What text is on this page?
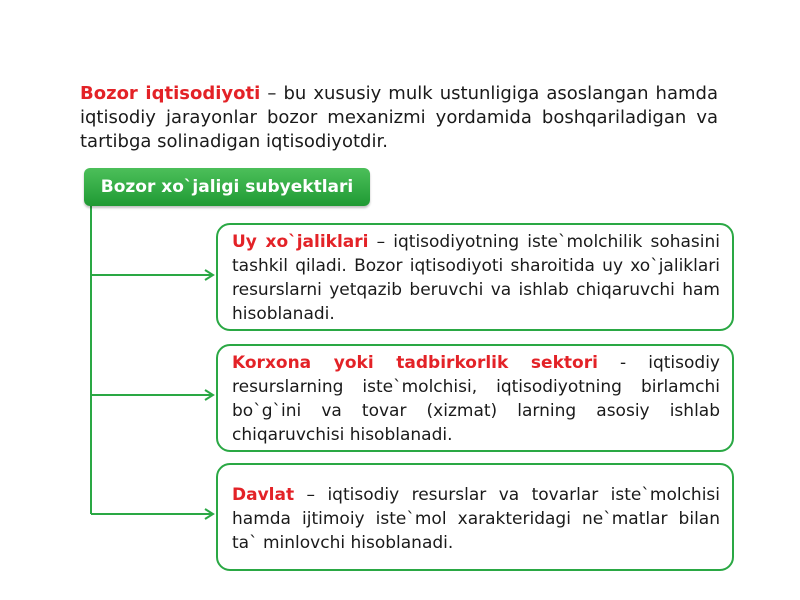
Bozor iqtisodiyoti – bu xususiy mulk ustunligiga asoslangan hamda iqtisodiy jarayonlar bozor mexanizmi yordamida boshqariladigan va tartibga solinadigan iqtisodiyotdir.

Bozor xo`jaligi subyektlari
Uy xo`jaliklari – iqtisodiyotning iste`molchilik sohasini tashkil qiladi. Bozor iqtisodiyoti sharoitida uy xo`jaliklari resurslarni yetqazib beruvchi va ishlab chiqaruvchi ham hisoblanadi.
Korxona yoki tadbirkorlik sektori - iqtisodiy resurslarning iste`molchisi, iqtisodiyotning birlamchi bo`g`ini va tovar (xizmat) larning asosiy ishlab chiqaruvchisi hisoblanadi.
Davlat – iqtisodiy resurslar va tovarlar iste`molchisi hamda ijtimoiy iste`mol xarakteridagi ne`matlar bilan ta` minlovchi hisoblanadi.
